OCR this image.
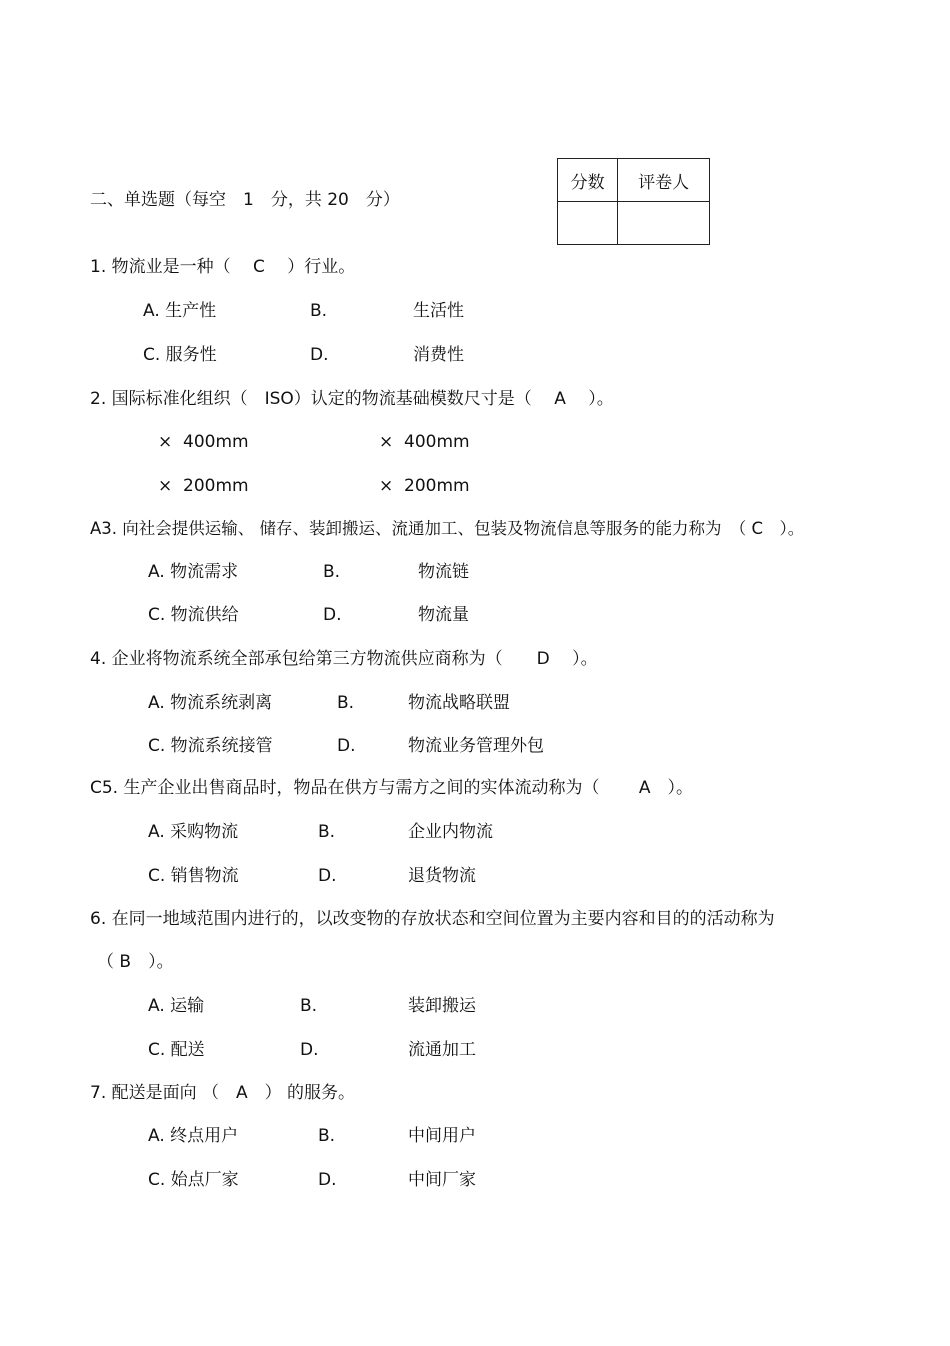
分数	评卷人

二、单选题（每空　1　分，共 20　分）
1. 物流业是一种（　 C　 ）行业。
A. 生产性	B.	生活性
C. 服务性	D.	消费性
2. 国际标准化组织（　ISO）认定的物流基础模数尺寸是（　 A　 ）。
×  400mm	×  400mm
×  200mm	×  200mm
A3. 向社会提供运输、 储存、装卸搬运、流通加工、包装及物流信息等服务的能力称为　（ C　）。
A. 物流需求	B.	物流链
C. 物流供给	D.	物流量
4. 企业将物流系统全部承包给第三方物流供应商称为（　　D　 ）。
A. 物流系统剥离	B.	物流战略联盟
C. 物流系统接管	D.	物流业务管理外包
C5. 生产企业出售商品时，物品在供方与需方之间的实体流动称为（　　 A　）。
A. 采购物流	B.	企业内物流
C. 销售物流	D.	退货物流
6. 在同一地域范围内进行的，以改变物的存放状态和空间位置为主要内容和目的的活动称为
（ B　）。
A. 运输	B.	装卸搬运
C. 配送	D.	流通加工
7. 配送是面向 （　A　） 的服务。
A. 终点用户	B.	中间用户
C. 始点厂家	D.	中间厂家
